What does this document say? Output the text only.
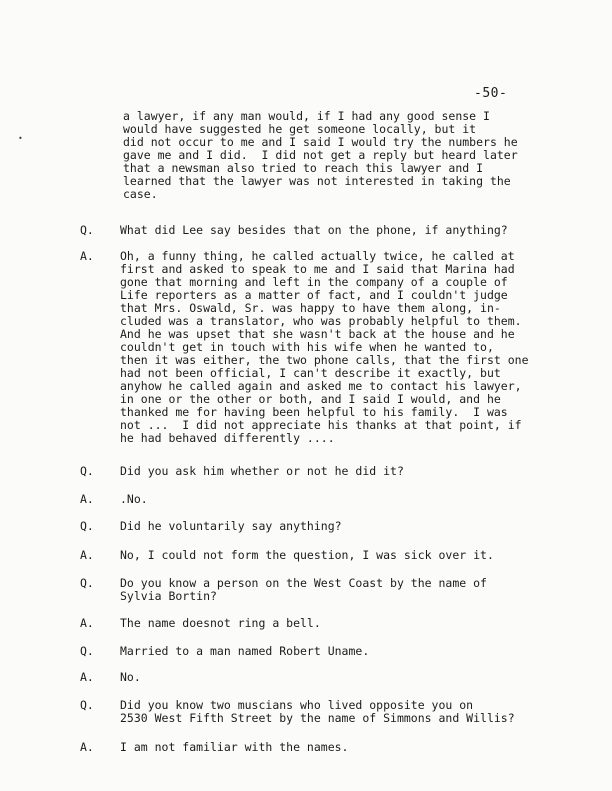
-50-
•
a lawyer, if any man would, if I had any good sense I
would have suggested he get someone locally, but it
did not occur to me and I said I would try the numbers he
gave me and I did.  I did not get a reply but heard later
that a newsman also tried to reach this lawyer and I
learned that the lawyer was not interested in taking the
case.
Q. What did Lee say besides that on the phone, if anything?
A. Oh, a funny thing, he called actually twice, he called at
first and asked to speak to me and I said that Marina had
gone that morning and left in the company of a couple of
Life reporters as a matter of fact, and I couldn't judge
that Mrs. Oswald, Sr. was happy to have them along, in-
cluded was a translator, who was probably helpful to them.
And he was upset that she wasn't back at the house and he
couldn't get in touch with his wife when he wanted to,
then it was either, the two phone calls, that the first one
had not been official, I can't describe it exactly, but
anyhow he called again and asked me to contact his lawyer,
in one or the other or both, and I said I would, and he
thanked me for having been helpful to his family.  I was
not ...  I did not appreciate his thanks at that point, if
he had behaved differently ....
Q. Did you ask him whether or not he did it?
A. .No.
Q. Did he voluntarily say anything?
A. No, I could not form the question, I was sick over it.
Q. Do you know a person on the West Coast by the name of
Sylvia Bortin?
A. The name doesnot ring a bell.
Q. Married to a man named Robert Uname.
A. No.
Q. Did you know two muscians who lived opposite you on
2530 West Fifth Street by the name of Simmons and Willis?
A. I am not familiar with the names.
